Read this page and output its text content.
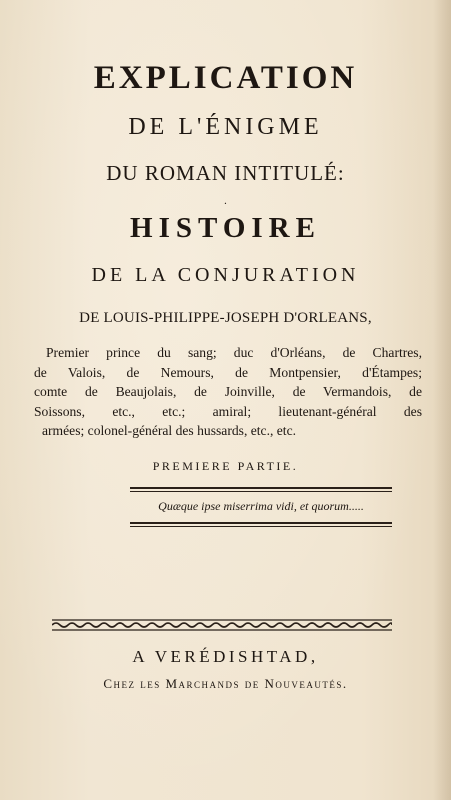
EXPLICATION
DE L'ÉNIGME
DU ROMAN INTITULÉ:
·
HISTOIRE
DE LA CONJURATION
DE LOUIS-PHILIPPE-JOSEPH D'ORLEANS,
Premier prince du sang; duc d'Orléans, de Chartres,
de Valois, de Nemours, de Montpensier, d'Étampes;
comte de Beaujolais, de Joinville, de Vermandois, de
Soissons, etc., etc.; amiral; lieutenant-général des
armées; colonel-général des hussards, etc., etc.
PREMIERE PARTIE.
Quæque ipse miserrima vidi, et quorum.....
A VERÉDISHTAD,
Chez les Marchands de Nouveautés.
